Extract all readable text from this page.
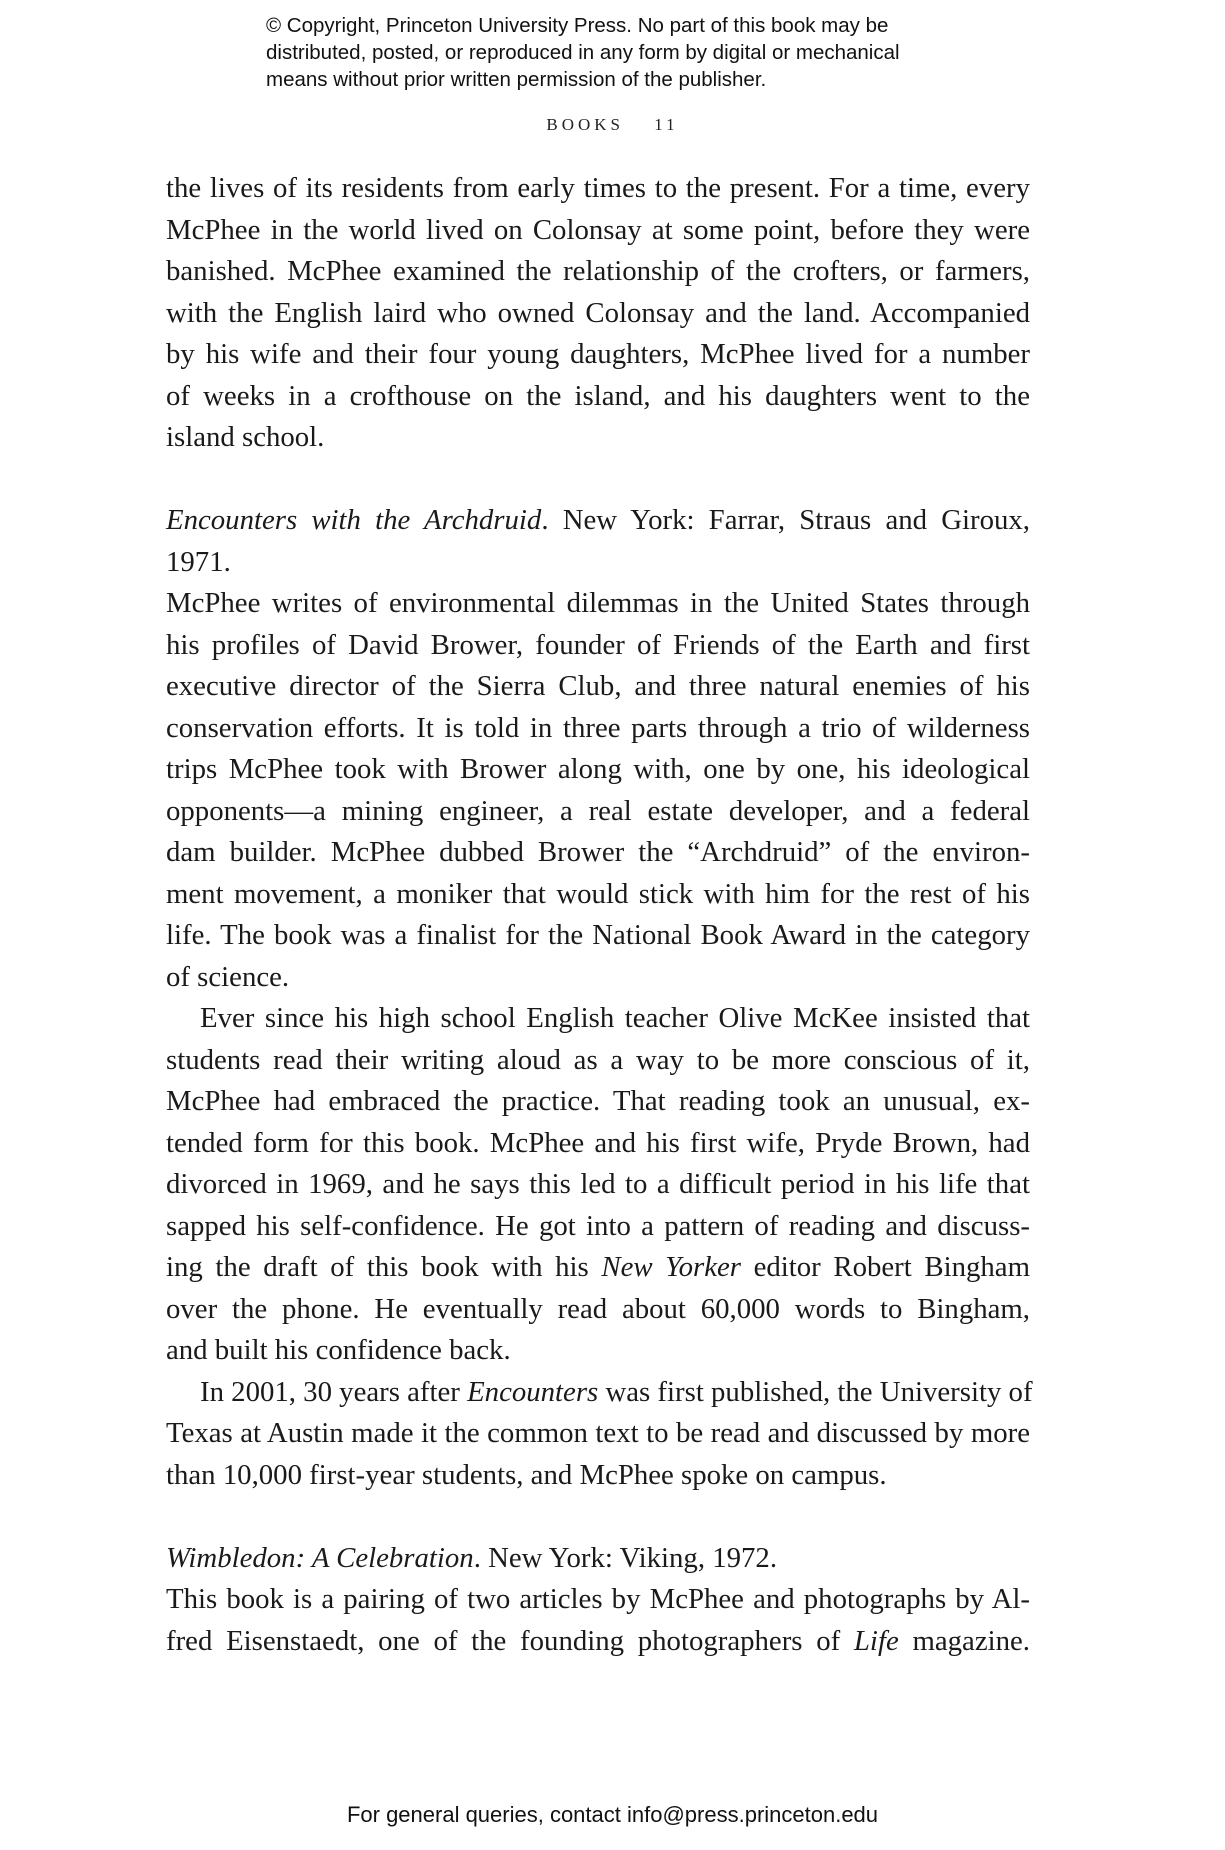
© Copyright, Princeton University Press. No part of this book may be
distributed, posted, or reproduced in any form by digital or mechanical
means without prior written permission of the publisher.
BOOKS 11
the lives of its residents from early times to the present. For a time, every
McPhee in the world lived on Colonsay at some point, before they were
banished. McPhee examined the relationship of the crofters, or farmers,
with the English laird who owned Colonsay and the land. Accompanied
by his wife and their four young daughters, McPhee lived for a number
of weeks in a crofthouse on the island, and his daughters went to the
island school.
Encounters with the Archdruid. New York: Farrar, Straus and Giroux,
1971.
McPhee writes of environmental dilemmas in the United States through
his profiles of David Brower, founder of Friends of the Earth and first
executive director of the Sierra Club, and three natural enemies of his
conservation efforts. It is told in three parts through a trio of wilderness
trips McPhee took with Brower along with, one by one, his ideological
opponents—a mining engineer, a real estate developer, and a federal
dam builder. McPhee dubbed Brower the “Archdruid” of the environ-
ment movement, a moniker that would stick with him for the rest of his
life. The book was a finalist for the National Book Award in the category
of science.
Ever since his high school English teacher Olive McKee insisted that
students read their writing aloud as a way to be more conscious of it,
McPhee had embraced the practice. That reading took an unusual, ex-
tended form for this book. McPhee and his first wife, Pryde Brown, had
divorced in 1969, and he says this led to a difficult period in his life that
sapped his self-confidence. He got into a pattern of reading and discuss-
ing the draft of this book with his New Yorker editor Robert Bingham
over the phone. He eventually read about 60,000 words to Bingham,
and built his confidence back.
In 2001, 30 years after Encounters was first published, the University of
Texas at Austin made it the common text to be read and discussed by more
than 10,000 first-year students, and McPhee spoke on campus.
Wimbledon: A Celebration. New York: Viking, 1972.
This book is a pairing of two articles by McPhee and photographs by Al-
fred Eisenstaedt, one of the founding photographers of Life magazine.
For general queries, contact info@press.princeton.edu
